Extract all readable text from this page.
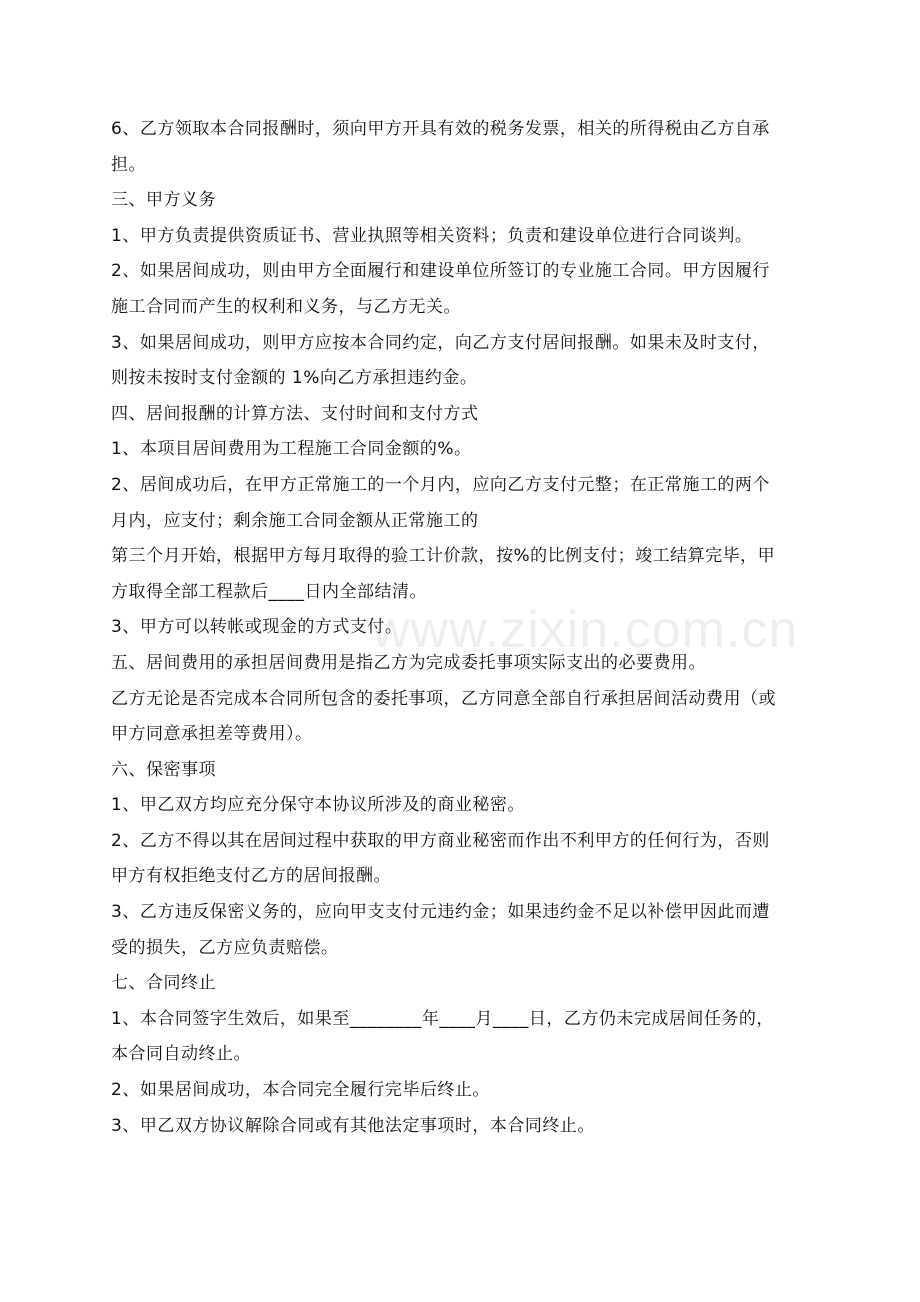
6、乙方领取本合同报酬时，须向甲方开具有效的税务发票，相关的所得税由乙方自承
担。
三、甲方义务
1、甲方负责提供资质证书、营业执照等相关资料；负责和建设单位进行合同谈判。
2、如果居间成功，则由甲方全面履行和建设单位所签订的专业施工合同。甲方因履行
施工合同而产生的权利和义务，与乙方无关。
3、如果居间成功，则甲方应按本合同约定，向乙方支付居间报酬。如果未及时支付，
则按未按时支付金额的 1%向乙方承担违约金。
四、居间报酬的计算方法、支付时间和支付方式
1、本项目居间费用为工程施工合同金额的%。
2、居间成功后，在甲方正常施工的一个月内，应向乙方支付元整；在正常施工的两个
月内，应支付；剩余施工合同金额从正常施工的
第三个月开始，根据甲方每月取得的验工计价款，按%的比例支付；竣工结算完毕，甲
方取得全部工程款后____日内全部结清。
3、甲方可以转帐或现金的方式支付。
五、居间费用的承担居间费用是指乙方为完成委托事项实际支出的必要费用。
乙方无论是否完成本合同所包含的委托事项，乙方同意全部自行承担居间活动费用（或
甲方同意承担差等费用）。
六、保密事项
1、甲乙双方均应充分保守本协议所涉及的商业秘密。
2、乙方不得以其在居间过程中获取的甲方商业秘密而作出不利甲方的任何行为，否则
甲方有权拒绝支付乙方的居间报酬。
3、乙方违反保密义务的，应向甲支支付元违约金；如果违约金不足以补偿甲因此而遭
受的损失，乙方应负责赔偿。
七、合同终止
1、本合同签字生效后，如果至________年____月____日，乙方仍未完成居间任务的，
本合同自动终止。
2、如果居间成功，本合同完全履行完毕后终止。
3、甲乙双方协议解除合同或有其他法定事项时，本合同终止。
www.zixin.com.cn
